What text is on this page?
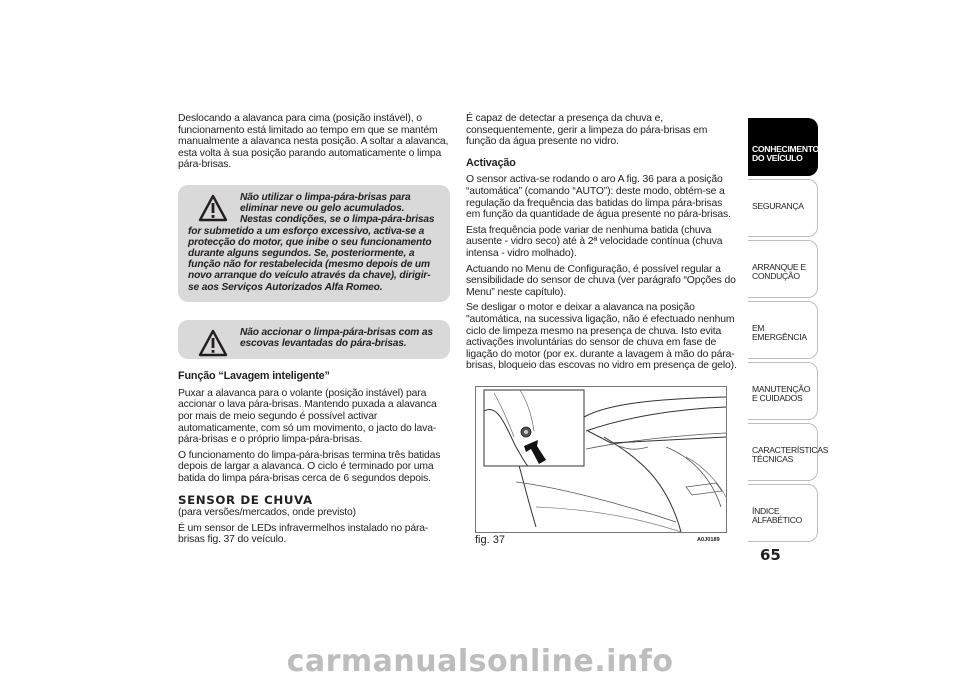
Deslocando a alavanca para cima (posição instável), o funcionamento está limitado ao tempo em que se mantém manualmente a alavanca nesta posição. A soltar a alavanca, esta volta à sua posição parando automaticamente o limpa pára-brisas.

Não utilizar o limpa-pára-brisas para eliminar neve ou gelo acumulados. Nestas condições, se o limpa-pára-brisas for submetido a um esforço excessivo, activa-se a protecção do motor, que inibe o seu funcionamento durante alguns segundos. Se, posteriormente, a função não for restabelecida (mesmo depois de um novo arranque do veículo através da chave), dirigir-se aos Serviços Autorizados Alfa Romeo.
Não accionar o limpa-pára-brisas com as escovas levantadas do pára-brisas.
Função “Lavagem inteligente”

Puxar a alavanca para o volante (posição instável) para accionar o lava pára-brisas. Mantendo puxada a alavanca por mais de meio segundo é possível activar automaticamente, com só um movimento, o jacto do lava-pára-brisas e o próprio limpa-pára-brisas.

O funcionamento do limpa-pára-brisas termina três batidas depois de largar a alavanca. O ciclo é terminado por uma batida do limpa pára-brisas cerca de 6 segundos depois.

SENSOR DE CHUVA

(para versões/mercados, onde previsto)

É um sensor de LEDs infravermelhos instalado no pára-brisas fig. 37 do veículo.

É capaz de detectar a presença da chuva e, consequentemente, gerir a limpeza do pára-brisas em função da água presente no vidro.

Activação

O sensor activa-se rodando o aro A fig. 36 para a posição “automática” (comando “AUTO”): deste modo, obtém-se a regulação da frequência das batidas do limpa pára-brisas em função da quantidade de água presente no pára-brisas.

Esta frequência pode variar de nenhuma batida (chuva ausente - vidro seco) até à 2ª velocidade contínua (chuva intensa - vidro molhado).

Actuando no Menu de Configuração, é possível regular a sensibilidade do sensor de chuva (ver parágrafo “Opções do Menu” neste capítulo).

Se desligar o motor e deixar a alavanca na posição "automática, na sucessiva ligação, não é efectuado nenhum ciclo de limpeza mesmo na presença de chuva. Isto evita activações involuntárias do sensor de chuva em fase de ligação do motor (por ex. durante a lavagem à mão do pára-brisas, bloqueio das escovas no vidro em presença de gelo).

fig. 37	A0J0189
CONHECIMENTO DO VEÍCULO
SEGURANÇA
ARRANQUE E CONDUÇÃO
EM EMERGÊNCIA
MANUTENÇÃO E CUIDADOS
CARACTERÍSTICAS TÉCNICAS
ÍNDICE ALFABÉTICO
65
carmanualsonline.info
